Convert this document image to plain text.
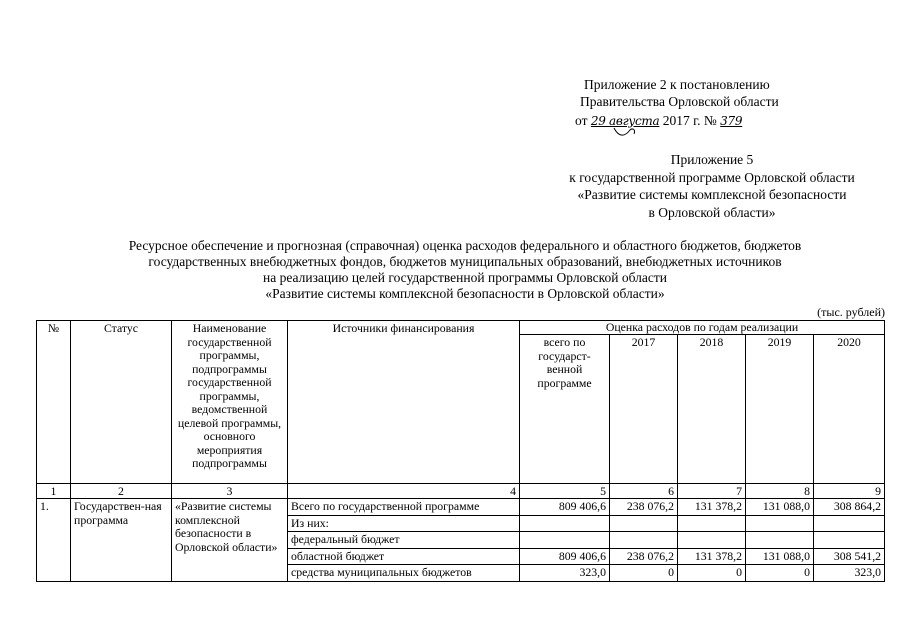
Приложение 2 к постановлению
Правительства Орловской области
от 29 августа 2017 г. № 379
Приложение 5
к государственной программе Орловской области
«Развитие системы комплексной безопасности
в Орловской области»
Ресурсное обеспечение и прогнозная (справочная) оценка расходов федерального и областного бюджетов, бюджетов
государственных внебюджетных фондов, бюджетов муниципальных образований, внебюджетных источников
на реализацию целей государственной программы Орловской области
«Развитие системы комплексной безопасности в Орловской области»
(тыс. рублей)
№	Статус	Наименование государственной программы, подпрограммы государственной программы, ведомственной целевой программы, основного мероприятия подпрограммы	Источники финансирования	Оценка расходов по годам реализации				
				всего по государст-венной программе	2017	2018	2019	2020
1	2	3	4	5	6	7	8	9
1.	Государствен-ная программа	«Развитие системы комплексной безопасности в Орловской области»	Всего по государственной программе	809 406,6	238 076,2	131 378,2	131 088,0	308 864,2
			Из них:					
			федеральный бюджет					
			областной бюджет	809 406,6	238 076,2	131 378,2	131 088,0	308 541,2
			средства муниципальных бюджетов	323,0	0	0	0	323,0
